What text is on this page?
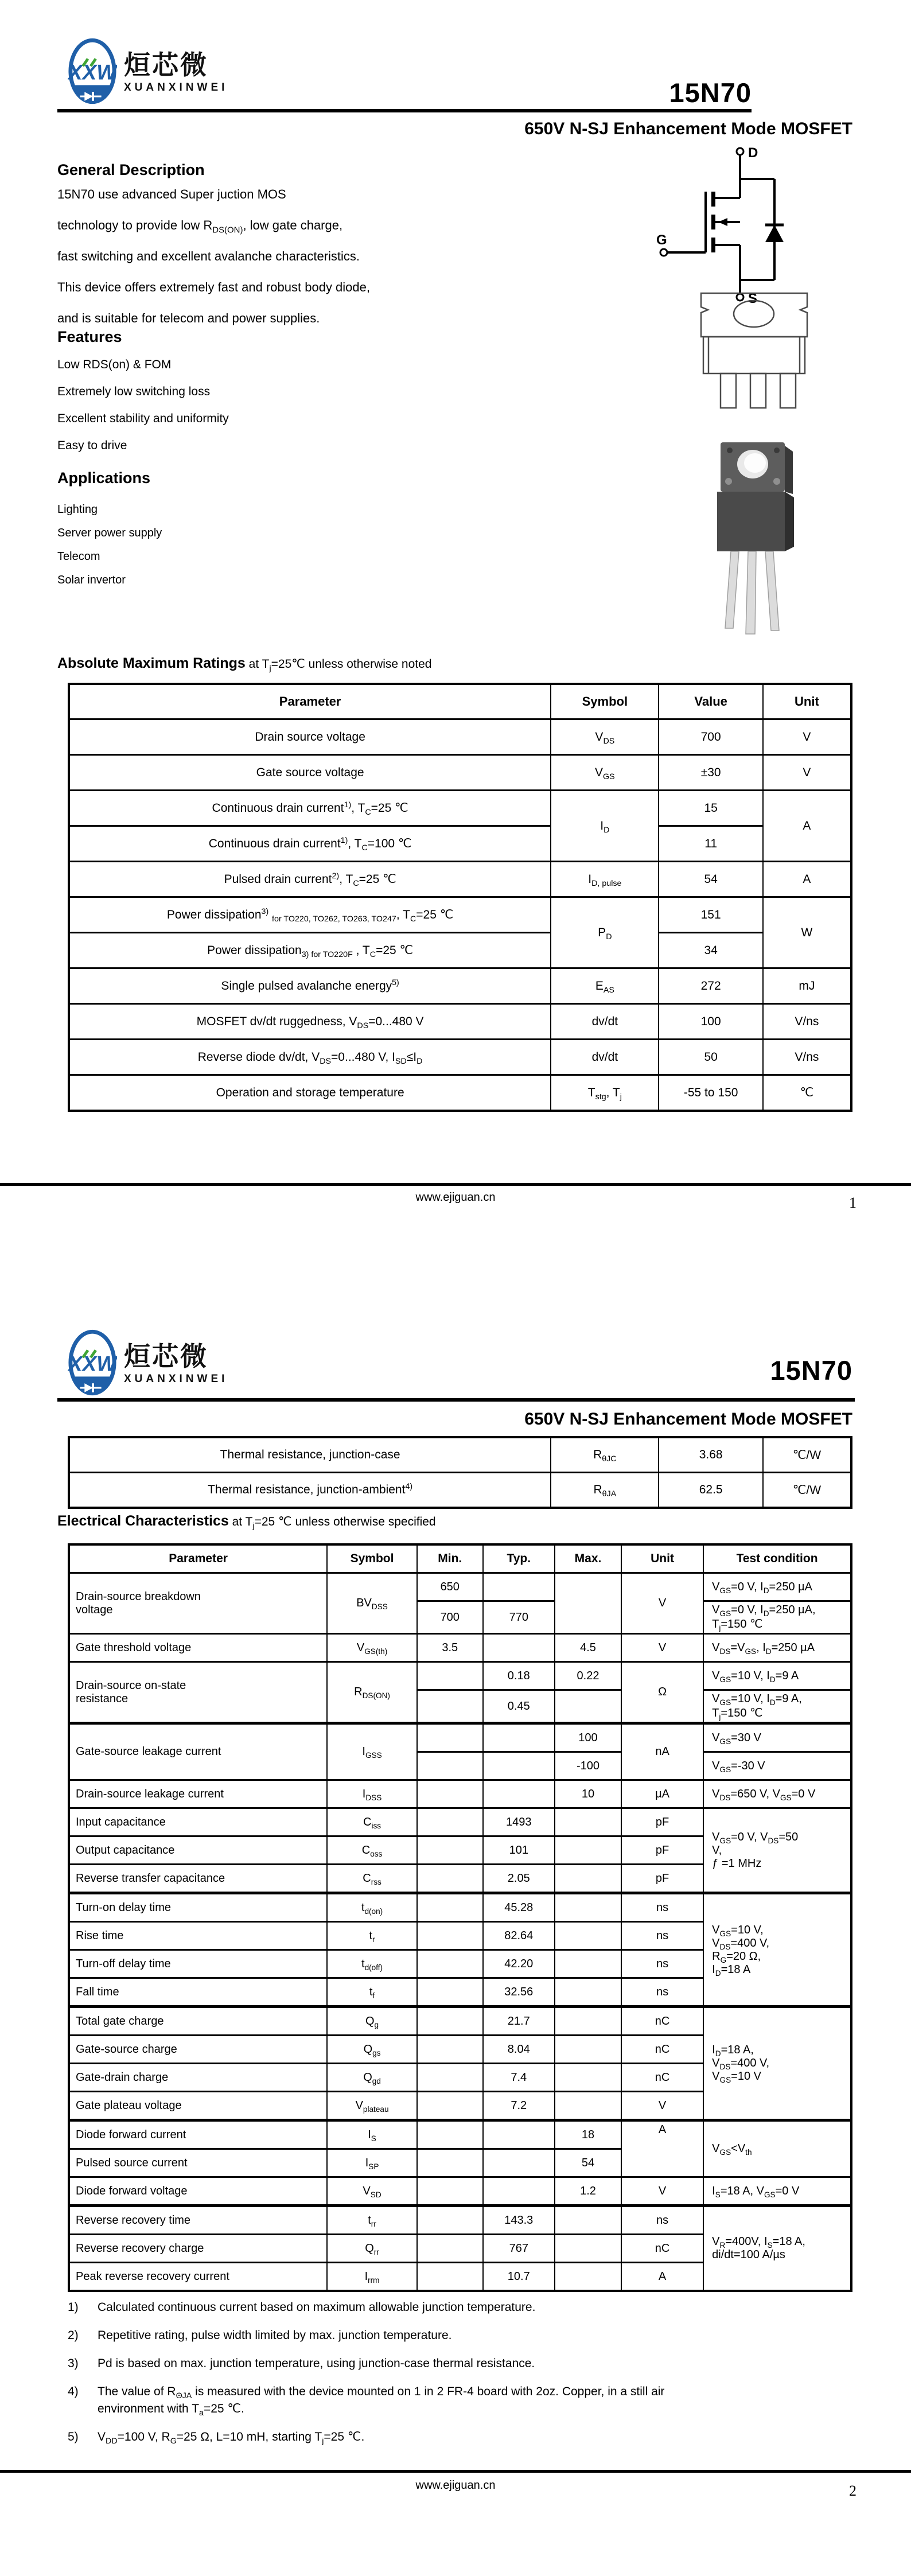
XXW 烜芯微
XUANXINWEI	15N70
650V N-SJ Enhancement Mode MOSFET
General Description
15N70 use advanced Super juction MOS
technology to provide low $R_{DS(ON)}$, low gate charge,
fast switching and excellent avalanche characteristics.
This device offers extremely fast and robust body diode,
and is suitable for telecom and power supplies.
Features
Low RDS(on) & FOM
Extremely low switching loss
Excellent stability and uniformity
Easy to drive
Applications
Lighting
Server power supply
Telecom
Solar invertor
D
G
S
Absolute Maximum Ratings at $T_j=25℃$ unless otherwise noted
Parameter	Symbol	Value	Unit
Drain source voltage	$V_{DS}$	700	V
Gate source voltage	$V_{GS}$	±30	V
Continuous drain current$^{1)}$, $T_C=25$ ℃	$I_D$	15	A
Continuous drain current$^{1)}$, $T_C=100$ ℃		11	
Pulsed drain current$^{2)}$, $T_C=25$ ℃	$I_{D, pulse}$	54	A
Power dissipation$^{3)}$ $_{for TO220, TO262, TO263, TO247}$, $T_C=25$ ℃	$P_D$	151	W
Power dissipation$_{3) for TO220F}$ , $T_C=25$ ℃		34	
Single pulsed avalanche energy$^{5)}$	$E_{AS}$	272	mJ
MOSFET dv/dt ruggedness, $V_{DS}=0...480$ V	dv/dt	100	V/ns
Reverse diode dv/dt, $V_{DS}=0...480$ V, $I_{SD}\le I_D$	dv/dt	50	V/ns
Operation and storage temperature	$T_{stg}$, $T_j$	-55 to 150	℃
www.ejiguan.cn	1
XXW 烜芯微
XUANXINWEI	15N70
650V N-SJ Enhancement Mode MOSFET
Thermal resistance, junction-case	$R_{\theta JC}$	3.68	℃/W
Thermal resistance, junction-ambient$^{4)}$	$R_{\theta JA}$	62.5	℃/W
Electrical Characteristics at $T_j=25$ ℃ unless otherwise specified
Parameter	Symbol	Min.	Typ.	Max.	Unit	Test condition
Drain-source breakdown
voltage	$BV_{DSS}$	650			V	$V_{GS}=0$ V, $I_D=250$ µA
		700	770			$V_{GS}=0$ V, $I_D=250$ µA,
$T_j=150$ ℃
Gate threshold voltage	$V_{GS(th)}$	3.5		4.5	V	$V_{DS}=V_{GS}$, $I_D=250$ µA
Drain-source on-state
resistance	$R_{DS(ON)}$		0.18	0.22	Ω	$V_{GS}=10$ V, $I_D=9$ A
			0.45			$V_{GS}=10$ V, $I_D=9$ A,
$T_j=150$ ℃
Gate-source leakage current	$I_{GSS}$			100	nA	$V_{GS}=30$ V
				-100		$V_{GS}=-30$ V
Drain-source leakage current	$I_{DSS}$			10	µA	$V_{DS}=650$ V, $V_{GS}=0$ V
Input capacitance	$C_{iss}$		1493		pF	$V_{GS}=0$ V, $V_{DS}=50$
V,
ƒ =1 MHz
Output capacitance	$C_{oss}$		101		pF	
Reverse transfer capacitance	$C_{rss}$		2.05		pF	
Turn-on delay time	$t_{d(on)}$		45.28		ns	$V_{GS}=10$ V,
$V_{DS}=400$ V,
$R_G=20$ Ω,
$I_D=18$ A
Rise time	$t_r$		82.64		ns	
Turn-off delay time	$t_{d(off)}$		42.20		ns	
Fall time	$t_f$		32.56		ns	
Total gate charge	$Q_g$		21.7		nC	$I_D=18$ A,
$V_{DS}=400$ V,
$V_{GS}=10$ V
Gate-source charge	$Q_{gs}$		8.04		nC	
Gate-drain charge	$Q_{gd}$		7.4		nC	
Gate plateau voltage	$V_{plateau}$		7.2		V	
Diode forward current	$I_S$			18	A	$V_{GS}<V_{th}$
Pulsed source current	$I_{SP}$			54		
Diode forward voltage	$V_{SD}$			1.2	V	$I_S=18$ A, $V_{GS}=0$ V
Reverse recovery time	$t_{rr}$		143.3		ns	$V_R=400V$, $I_S=18$ A,
di/dt=100 A/µs
Reverse recovery charge	$Q_{rr}$		767		nC	
Peak reverse recovery current	$I_{rrm}$		10.7		A	
1)	Calculated continuous current based on maximum allowable junction temperature.
2)	Repetitive rating, pulse width limited by max. junction temperature.
3)	Pd is based on max. junction temperature, using junction-case thermal resistance.
4)	The value of $R_{\Theta JA}$ is measured with the device mounted on 1 in 2 FR-4 board with 2oz. Copper, in a still air
environment with $T_a=25$ ℃.
5)	$V_{DD}=100$ V, $R_G=25$ Ω, L=10 mH, starting $T_j=25$ ℃.
www.ejiguan.cn	2
